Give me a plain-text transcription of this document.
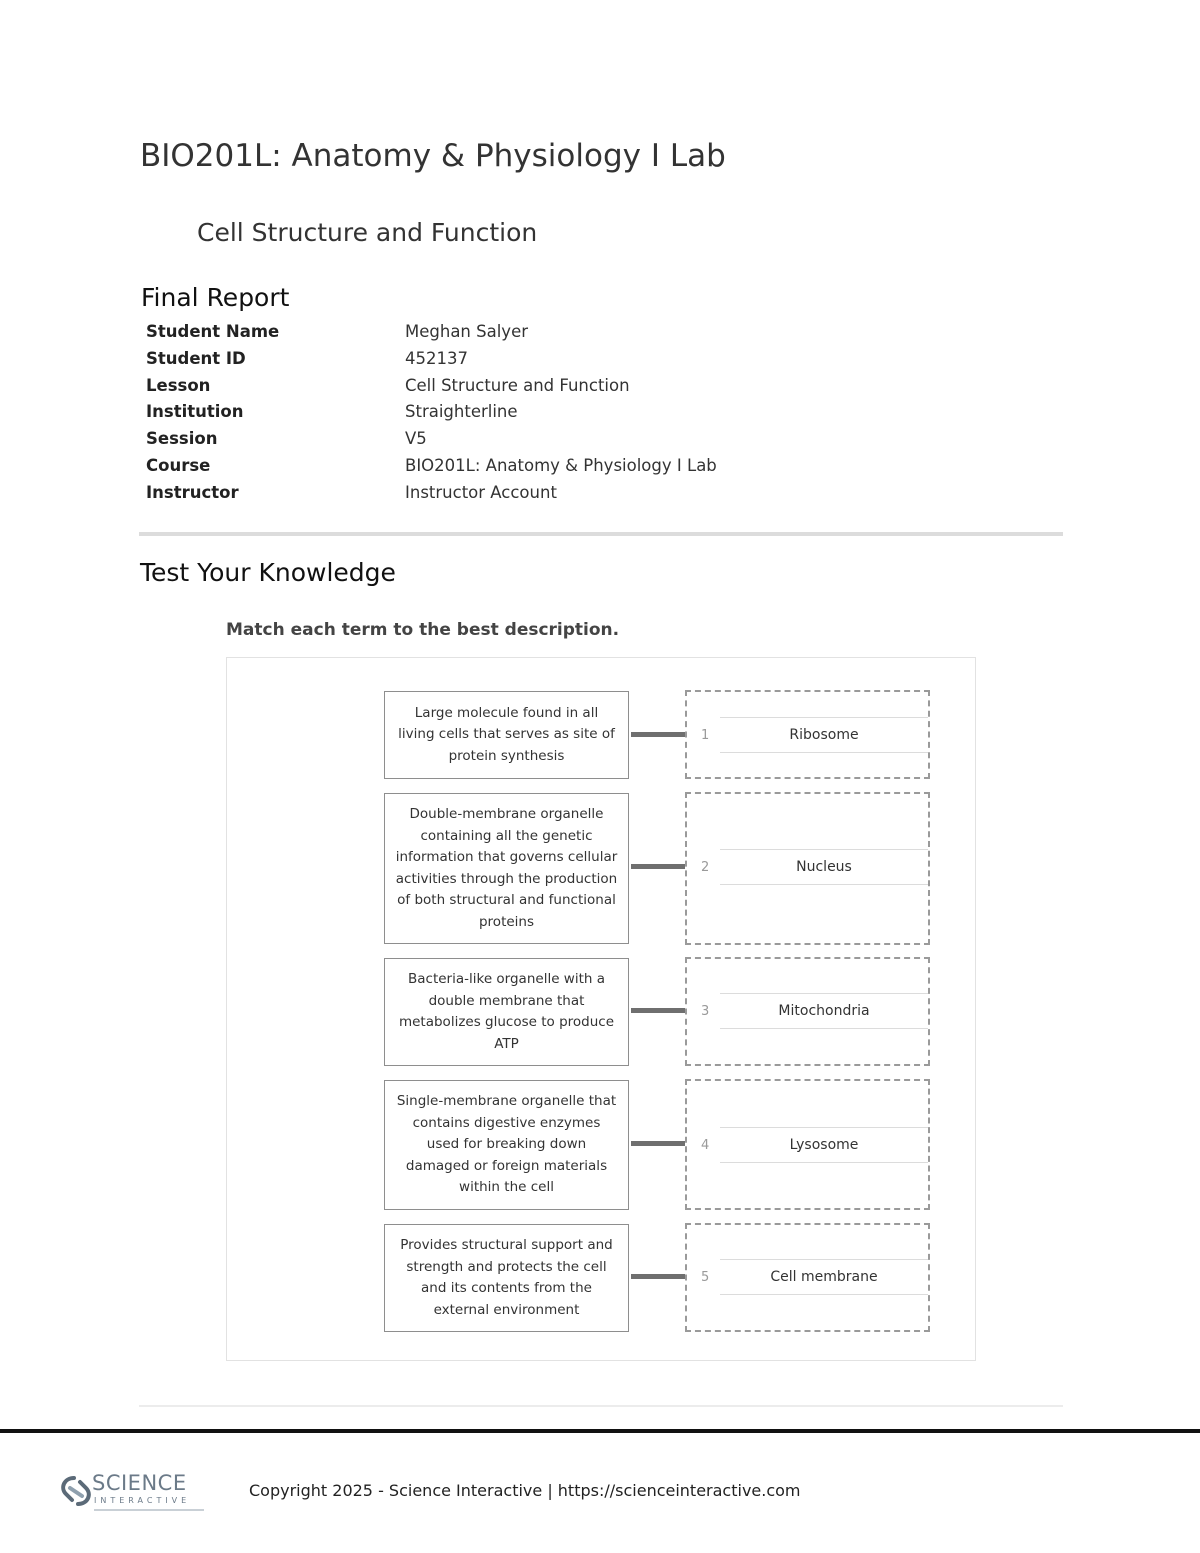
BIO201L: Anatomy & Physiology I Lab
Cell Structure and Function
Final Report
Student Name	Meghan Salyer
Student ID	452137
Lesson	Cell Structure and Function
Institution	Straighterline
Session	V5
Course	BIO201L: Anatomy & Physiology I Lab
Instructor	Instructor Account
Test Your Knowledge
Match each term to the best description.
Large molecule found in all living cells that serves as site of protein synthesis
1	Ribosome
Double-membrane organelle containing all the genetic information that governs cellular activities through the production of both structural and functional proteins
2	Nucleus
Bacteria-like organelle with a double membrane that metabolizes glucose to produce ATP
3	Mitochondria
Single-membrane organelle that contains digestive enzymes used for breaking down damaged or foreign materials within the cell
4	Lysosome
Provides structural support and strength and protects the cell and its contents from the external environment
5	Cell membrane
SCIENCE
INTERACTIVE
Copyright 2025 - Science Interactive | https://scienceinteractive.com
